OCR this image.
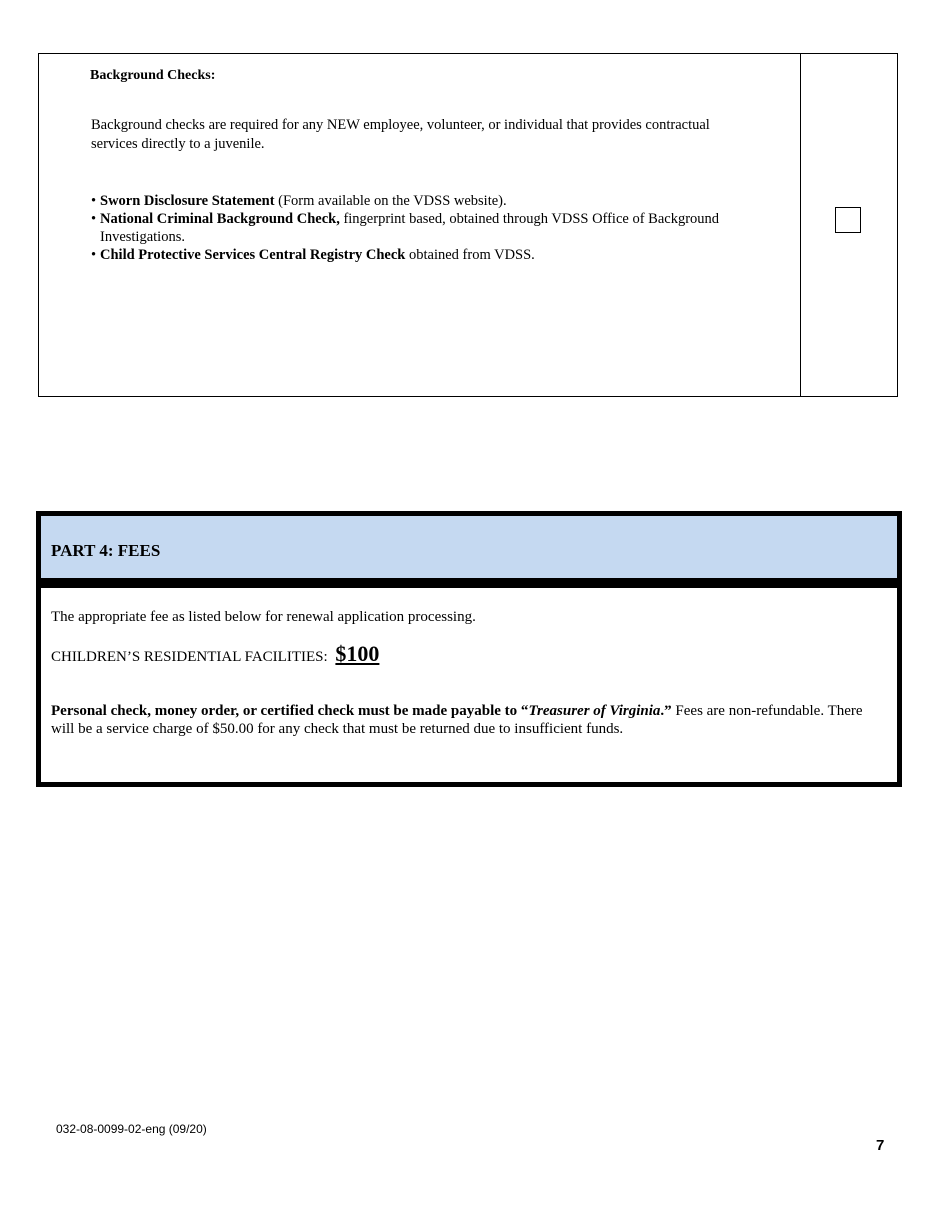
Background Checks:
Background checks are required for any NEW employee, volunteer, or individual that provides contractual services directly to a juvenile.
• Sworn Disclosure Statement (Form available on the VDSS website).
• National Criminal Background Check, fingerprint based, obtained through VDSS Office of Background Investigations.
• Child Protective Services Central Registry Check obtained from VDSS.
PART 4: FEES
The appropriate fee as listed below for renewal application processing.
CHILDREN’S RESIDENTIAL FACILITIES: $100
Personal check, money order, or certified check must be made payable to “Treasurer of Virginia.” Fees are non-refundable. There will be a service charge of $50.00 for any check that must be returned due to insufficient funds.
032-08-0099-02-eng (09/20)
7
